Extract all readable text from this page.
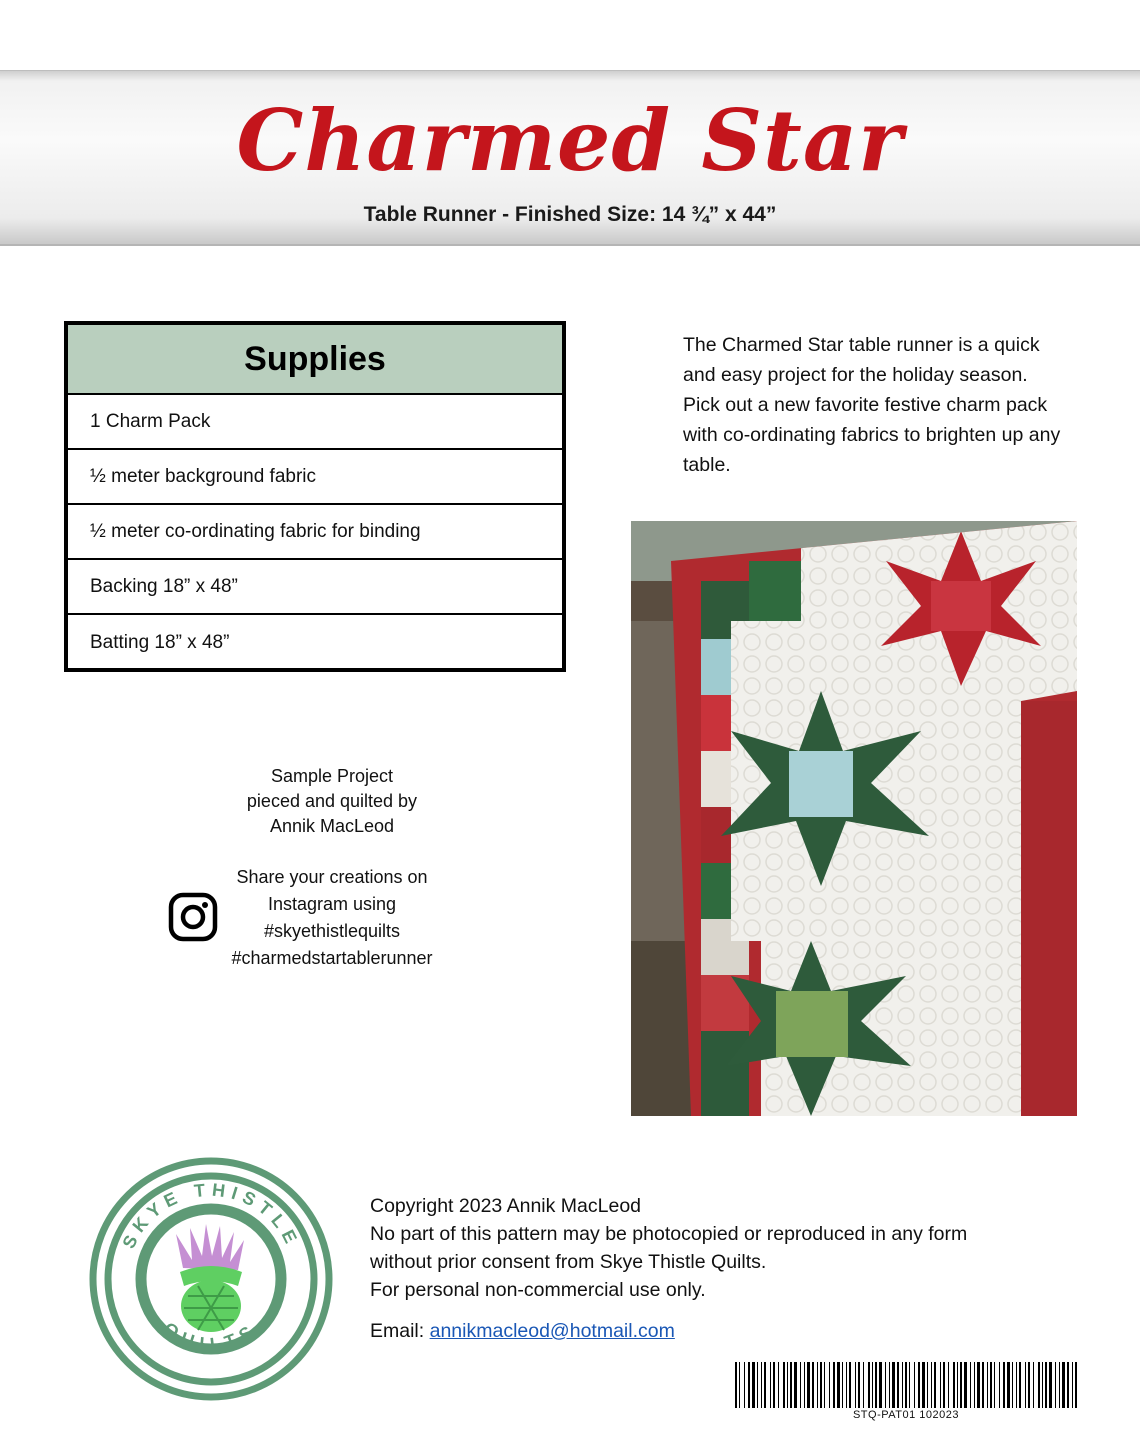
Charmed Star
Table Runner - Finished Size: 14 ¾” x 44”
Supplies
1 Charm Pack
½ meter background fabric
½ meter co-ordinating fabric for binding
Backing 18” x 48”
Batting 18” x 48”

The Charmed Star table runner is a quick and easy project for the holiday season. Pick out a new favorite festive charm pack with co-ordinating fabrics to brighten up any table.

Sample Project
pieced and quilted by
Annik MacLeod
Share your creations on
Instagram using
#skyethistlequilts
#charmedstartablerunner
SKYE THISTLE
QUILTS
Copyright 2023 Annik MacLeod
No part of this pattern may be photocopied or reproduced in any form
without prior consent from Skye Thistle Quilts.
For personal non-commercial use only.
Email: annikmacleod@hotmail.com
STQ-PAT01 102023
